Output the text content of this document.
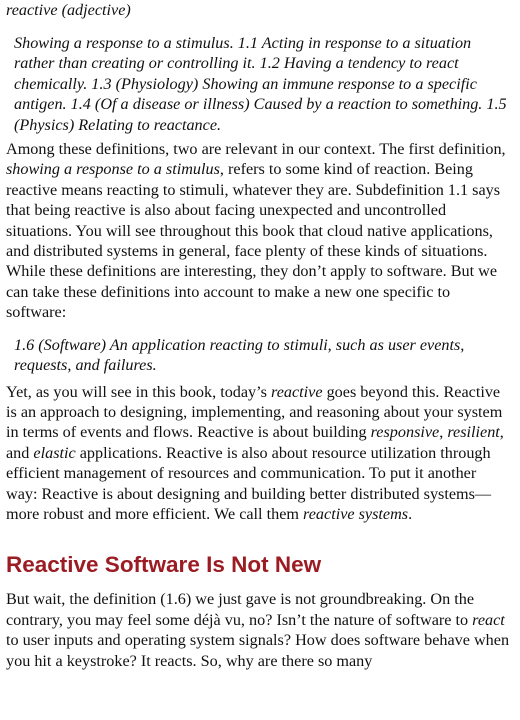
reactive (adjective)

Showing a response to a stimulus. 1.1 Acting in response to a situation rather than creating or controlling it. 1.2 Having a tendency to react chemically. 1.3 (Physiology) Showing an immune response to a specific antigen. 1.4 (Of a disease or illness) Caused by a reaction to something. 1.5 (Physics) Relating to reactance.

Among these definitions, two are relevant in our context. The first definition, showing a response to a stimulus, refers to some kind of reaction. Being reactive means reacting to stimuli, whatever they are. Subdefinition 1.1 says that being reactive is also about facing unexpected and uncontrolled situations. You will see throughout this book that cloud native applications, and distributed systems in general, face plenty of these kinds of situations. While these definitions are interesting, they don’t apply to software. But we can take these definitions into account to make a new one specific to software:

1.6 (Software) An application reacting to stimuli, such as user events, requests, and failures.

Yet, as you will see in this book, today’s reactive goes beyond this. Reactive is an approach to designing, implementing, and reasoning about your system in terms of events and flows. Reactive is about building responsive, resilient, and elastic applications. Reactive is also about resource utilization through efficient management of resources and communication. To put it another way: Reactive is about designing and building better distributed systems—more robust and more efficient. We call them reactive systems.

Reactive Software Is Not New

But wait, the definition (1.6) we just gave is not groundbreaking. On the contrary, you may feel some déjà vu, no? Isn’t the nature of software to react to user inputs and operating system signals? How does software behave when you hit a keystroke? It reacts. So, why are there so many
